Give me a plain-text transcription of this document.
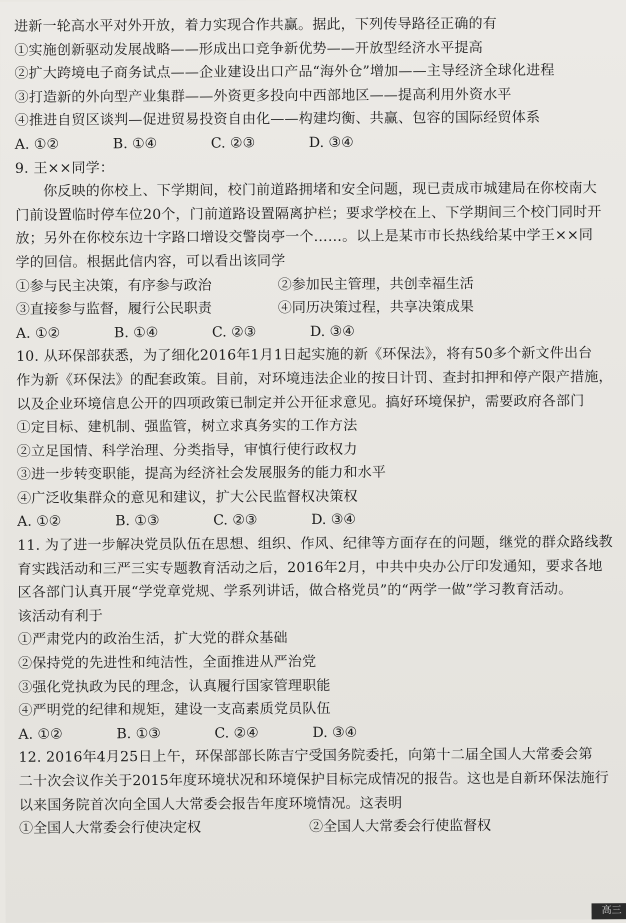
进新一轮高水平对外开放，着力实现合作共赢。据此，下列传导路径正确的有
①实施创新驱动发展战略——形成出口竞争新优势——开放型经济水平提高
②扩大跨境电子商务试点——企业建设出口产品“海外仓”增加——主导经济全球化进程
③打造新的外向型产业集群——外资更多投向中西部地区——提高利用外资水平
④推进自贸区谈判—促进贸易投资自由化——构建均衡、共赢、包容的国际经贸体系
A. ①②	B. ①④	C. ②③	D. ③④
9. 王××同学：
你反映的你校上、下学期间，校门前道路拥堵和安全问题，现已责成市城建局在你校南大
门前设置临时停车位20个，门前道路设置隔离护栏；要求学校在上、下学期间三个校门同时开
放；另外在你校东边十字路口增设交警岗亭一个……。以上是某市市长热线给某中学王××同
学的回信。根据此信内容，可以看出该同学
①参与民主决策，有序参与政治	②参加民主管理，共创幸福生活
③直接参与监督，履行公民职责	④同历决策过程，共享决策成果
A. ①②	B. ①④	C. ②③	D. ③④
10. 从环保部获悉，为了细化2016年1月1日起实施的新《环保法》，将有50多个新文件出台
作为新《环保法》的配套政策。目前，对环境违法企业的按日计罚、查封扣押和停产限产措施，
以及企业环境信息公开的四项政策已制定并公开征求意见。搞好环境保护，需要政府各部门
①定目标、建机制、强监管，树立求真务实的工作方法
②立足国情、科学治理、分类指导，审慎行使行政权力
③进一步转变职能，提高为经济社会发展服务的能力和水平
④广泛收集群众的意见和建议，扩大公民监督权决策权
A. ①②	B. ①③	C. ②③	D. ③④
11. 为了进一步解决党员队伍在思想、组织、作风、纪律等方面存在的问题，继党的群众路线教
育实践活动和三严三实专题教育活动之后，2016年2月，中共中央办公厅印发通知，要求各地
区各部门认真开展“学党章党规、学系列讲话，做合格党员”的“两学一做”学习教育活动。
该活动有利于
①严肃党内的政治生活，扩大党的群众基础
②保持党的先进性和纯洁性，全面推进从严治党
③强化党执政为民的理念，认真履行国家管理职能
④严明党的纪律和规矩，建设一支高素质党员队伍
A. ①②	B. ①③	C. ②④	D. ③④
12. 2016年4月25日上午，环保部部长陈吉宁受国务院委托，向第十二届全国人大常委会第
二十次会议作关于2015年度环境状况和环境保护目标完成情况的报告。这也是自新环保法施行
以来国务院首次向全国人大常委会报告年度环境情况。这表明
①全国人大常委会行使决定权	②全国人大常委会行使监督权
高三
